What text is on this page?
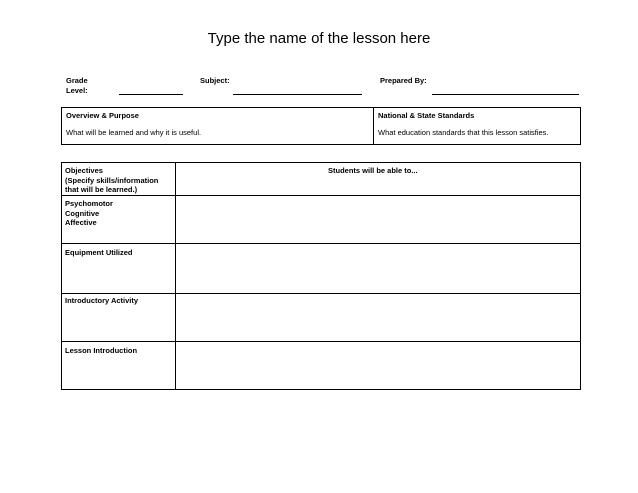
Type the name of the lesson here
Grade
Level:
Subject:	Prepared By:
Overview & Purpose
What will be learned and why it is useful.
National & State Standards
What education standards that this lesson satisfies.
Objectives
(Specify skills/information
that will be learned.)
Students will be able to...
Psychomotor
Cognitive
Affective
Equipment Utilized
Introductory Activity
Lesson Introduction
